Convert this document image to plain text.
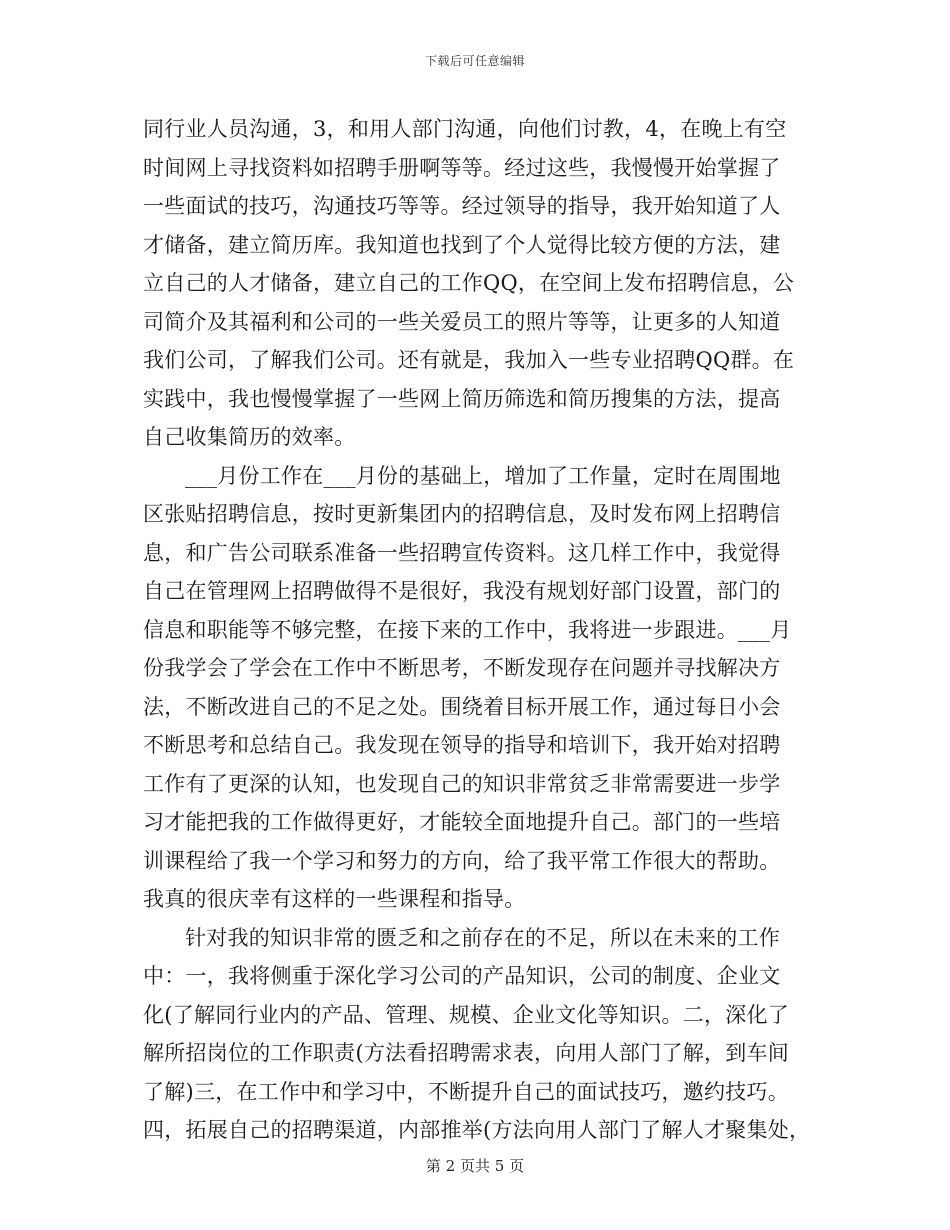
下载后可任意编辑
同行业人员沟通，3，和用人部门沟通，向他们讨教，4，在晚上有空
时间网上寻找资料如招聘手册啊等等。经过这些，我慢慢开始掌握了
一些面试的技巧，沟通技巧等等。经过领导的指导，我开始知道了人
才储备，建立简历库。我知道也找到了个人觉得比较方便的方法，建
立自己的人才储备，建立自己的工作QQ，在空间上发布招聘信息，公
司简介及其福利和公司的一些关爱员工的照片等等，让更多的人知道
我们公司，了解我们公司。还有就是，我加入一些专业招聘QQ群。在
实践中，我也慢慢掌握了一些网上简历筛选和简历搜集的方法，提高
自己收集简历的效率。
___月份工作在___月份的基础上，增加了工作量，定时在周围地
区张贴招聘信息，按时更新集团内的招聘信息，及时发布网上招聘信
息，和广告公司联系准备一些招聘宣传资料。这几样工作中，我觉得
自己在管理网上招聘做得不是很好，我没有规划好部门设置，部门的
信息和职能等不够完整，在接下来的工作中，我将进一步跟进。___月
份我学会了学会在工作中不断思考，不断发现存在问题并寻找解决方
法，不断改进自己的不足之处。围绕着目标开展工作，通过每日小会
不断思考和总结自己。我发现在领导的指导和培训下，我开始对招聘
工作有了更深的认知，也发现自己的知识非常贫乏非常需要进一步学
习才能把我的工作做得更好，才能较全面地提升自己。部门的一些培
训课程给了我一个学习和努力的方向，给了我平常工作很大的帮助。
我真的很庆幸有这样的一些课程和指导。
针对我的知识非常的匮乏和之前存在的不足，所以在未来的工作
中：一，我将侧重于深化学习公司的产品知识，公司的制度、企业文
化(了解同行业内的产品、管理、规模、企业文化等知识。二，深化了
解所招岗位的工作职责(方法看招聘需求表，向用人部门了解，到车间
了解)三，在工作中和学习中，不断提升自己的面试技巧，邀约技巧。
四，拓展自己的招聘渠道，内部推举(方法向用人部门了解人才聚集处，
第 2 页共 5 页
